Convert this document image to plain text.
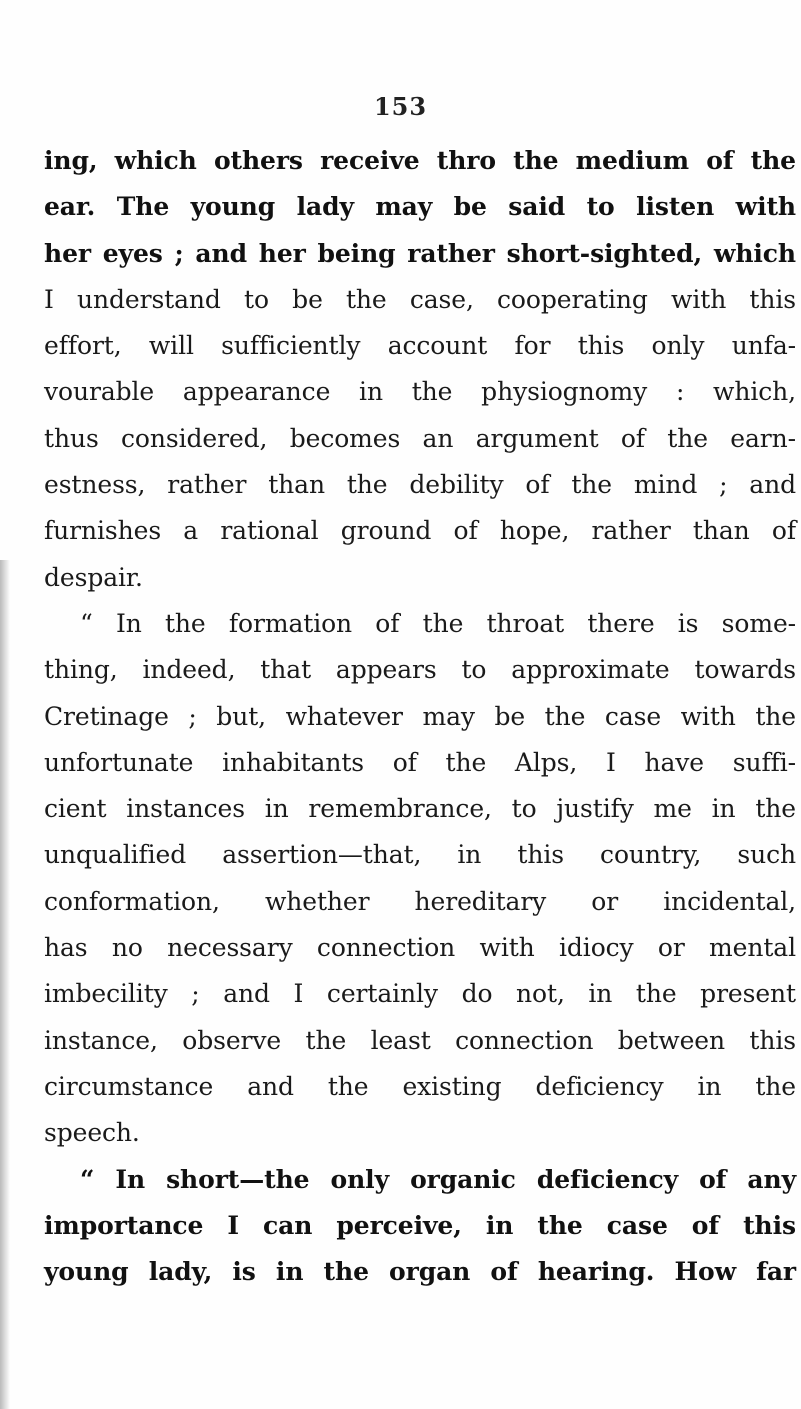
153
ing, which others receive thro the medium of the
ear. The young lady may be said to listen with
her eyes ; and her being rather short-sighted, which
I understand to be the case, cooperating with this
effort, will sufficiently account for this only unfa-
vourable appearance in the physiognomy : which,
thus considered, becomes an argument of the earn-
estness, rather than the debility of the mind ; and
furnishes a rational ground of hope, rather than of
despair.
“ In the formation of the throat there is some-
thing, indeed, that appears to approximate towards
Cretinage ; but, whatever may be the case with the
unfortunate inhabitants of the Alps, I have suffi-
cient instances in remembrance, to justify me in the
unqualified assertion—that, in this country, such
conformation, whether hereditary or incidental,
has no necessary connection with idiocy or mental
imbecility ; and I certainly do not, in the present
instance, observe the least connection between this
circumstance and the existing deficiency in the
speech.
“ In short—the only organic deficiency of any
importance I can perceive, in the case of this
young lady, is in the organ of hearing. How far
